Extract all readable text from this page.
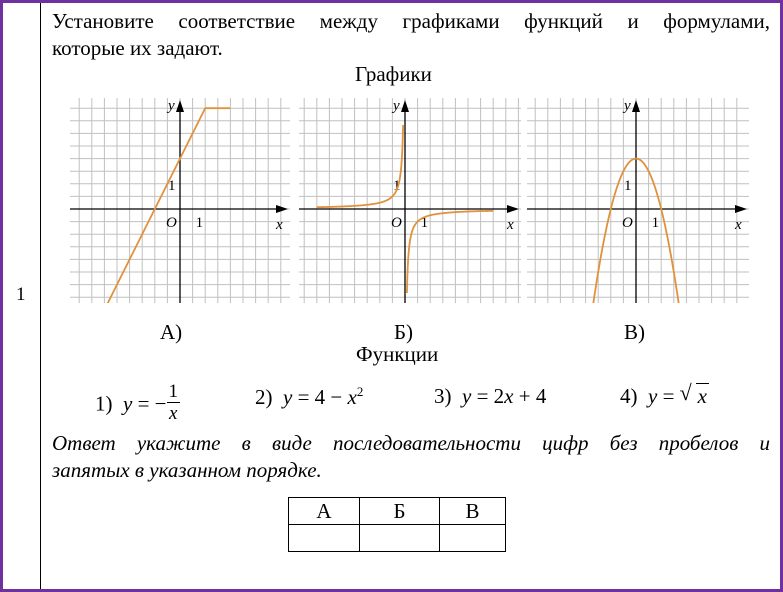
1
Установите соответствие между графиками функций и формулами,
которые их задают.
Графики
y
x
O 1
1
y
x
O 1
1
y
x
O 1
1
А)	Б)	В)
Функции
1) y = − $\frac{1}{x}$	2) $y = 4 - x^2$	3) y = 2x + 4	4) y = √ x
Ответ укажите в виде последовательности цифр без пробелов и
запятых в указанном порядке.
А	Б	В
